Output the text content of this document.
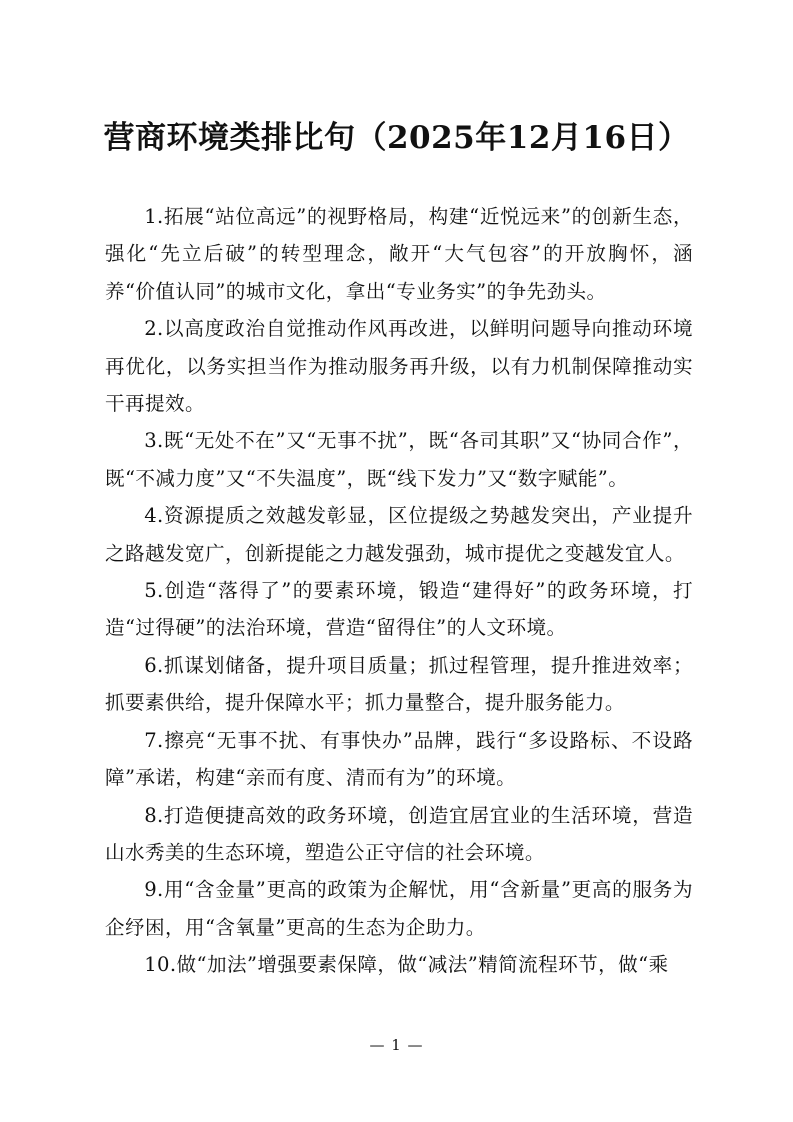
营商环境类排比句（2025年12月16日）

1.拓展“站位高远”的视野格局，构建“近悦远来”的创新生态，强化“先立后破”的转型理念，敞开“大气包容”的开放胸怀，涵养“价值认同”的城市文化，拿出“专业务实”的争先劲头。

2.以高度政治自觉推动作风再改进，以鲜明问题导向推动环境再优化，以务实担当作为推动服务再升级，以有力机制保障推动实干再提效。

3.既“无处不在”又“无事不扰”，既“各司其职”又“协同合作”，既“不减力度”又“不失温度”，既“线下发力”又“数字赋能”。

4.资源提质之效越发彰显，区位提级之势越发突出，产业提升之路越发宽广，创新提能之力越发强劲，城市提优之变越发宜人。

5.创造“落得了”的要素环境，锻造“建得好”的政务环境，打造“过得硬”的法治环境，营造“留得住”的人文环境。

6.抓谋划储备，提升项目质量；抓过程管理，提升推进效率；抓要素供给，提升保障水平；抓力量整合，提升服务能力。

7.擦亮“无事不扰、有事快办”品牌，践行“多设路标、不设路障”承诺，构建“亲而有度、清而有为”的环境。

8.打造便捷高效的政务环境，创造宜居宜业的生活环境，营造山水秀美的生态环境，塑造公正守信的社会环境。

9.用“含金量”更高的政策为企解忧，用“含新量”更高的服务为企纾困，用“含氧量”更高的生态为企助力。

10.做“加法”增强要素保障，做“减法”精简流程环节，做“乘

— 1 —
